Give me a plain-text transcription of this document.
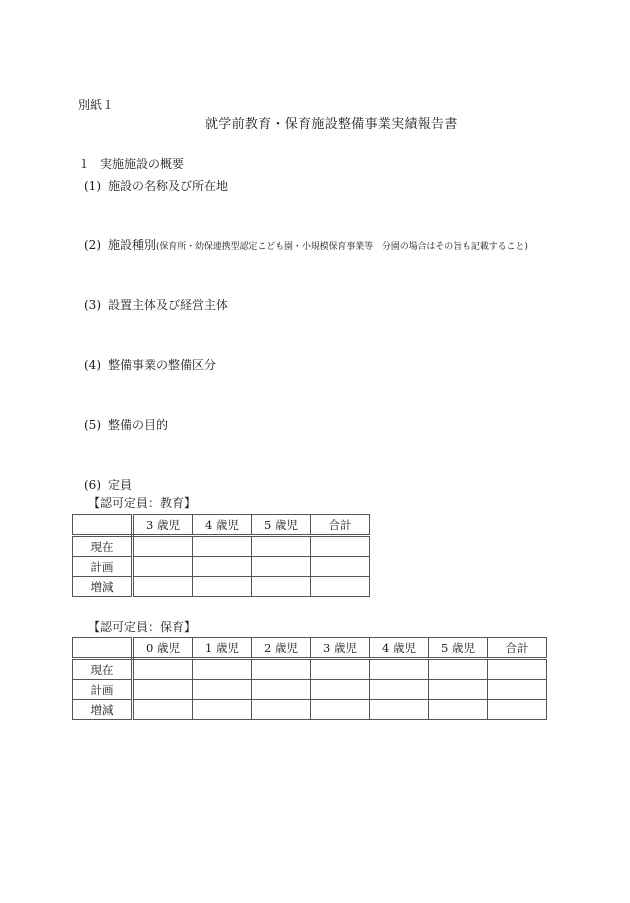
別紙１
就学前教育・保育施設整備事業実績報告書
１ 実施施設の概要
(1) 施設の名称及び所在地
(2) 施設種別(保育所・幼保連携型認定こども園・小規模保育事業等　分園の場合はその旨も記載すること)
(3) 設置主体及び経営主体
(4) 整備事業の整備区分
(5) 整備の目的
(6) 定員
【認可定員：教育】
	3 歳児	4 歳児	5 歳児	合計
現在				
計画				
増減				
【認可定員：保育】
	0 歳児	1 歳児	2 歳児	3 歳児	4 歳児	5 歳児	合計
現在							
計画							
増減							
